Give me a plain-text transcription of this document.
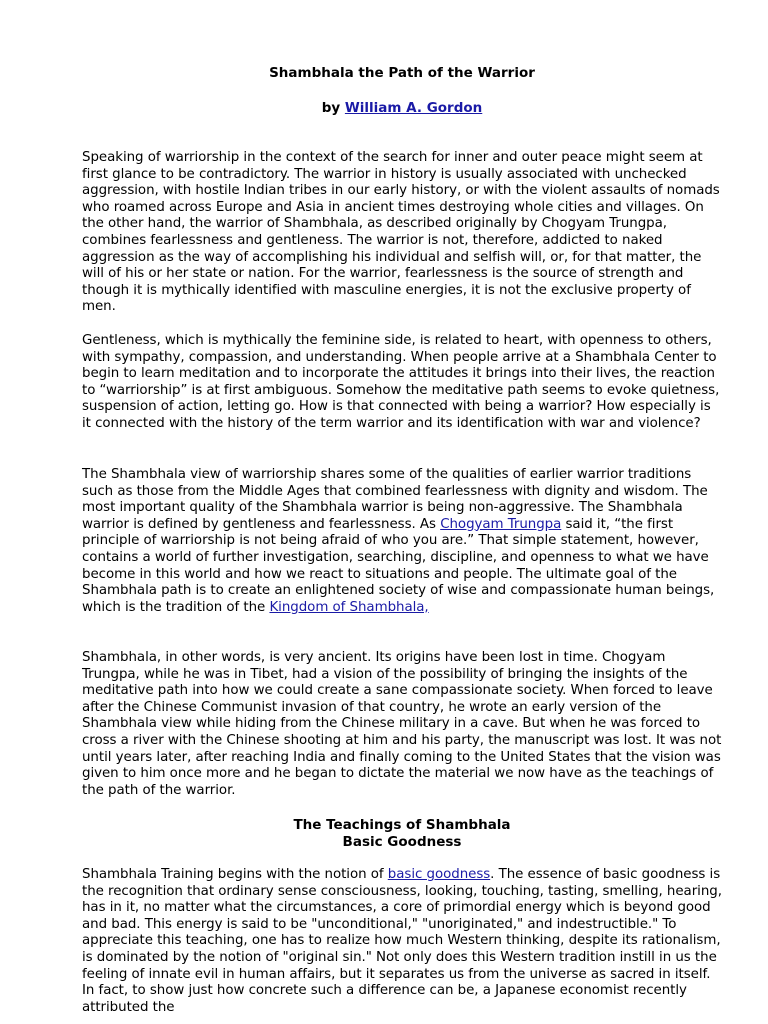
Shambhala the Path of the Warrior

by William A. Gordon

Speaking of warriorship in the context of the search for inner and outer peace might seem at first glance to be contradictory. The warrior in history is usually associated with unchecked aggression, with hostile Indian tribes in our early history, or with the violent assaults of nomads who roamed across Europe and Asia in ancient times destroying whole cities and villages. On the other hand, the warrior of Shambhala, as described originally by Chogyam Trungpa, combines fearlessness and gentleness. The warrior is not, therefore, addicted to naked aggression as the way of accomplishing his individual and selfish will, or, for that matter, the will of his or her state or nation. For the warrior, fearlessness is the source of strength and though it is mythically identified with masculine energies, it is not the exclusive property of men.

Gentleness, which is mythically the feminine side, is related to heart, with openness to others, with sympathy, compassion, and understanding. When people arrive at a Shambhala Center to begin to learn meditation and to incorporate the attitudes it brings into their lives, the reaction to “warriorship” is at first ambiguous. Somehow the meditative path seems to evoke quietness, suspension of action, letting go. How is that connected with being a warrior? How especially is it connected with the history of the term warrior and its identification with war and violence?

The Shambhala view of warriorship shares some of the qualities of earlier warrior traditions such as those from the Middle Ages that combined fearlessness with dignity and wisdom. The most important quality of the Shambhala warrior is being non-aggressive. The Shambhala warrior is defined by gentleness and fearlessness. As Chogyam Trungpa said it, “the first principle of warriorship is not being afraid of who you are.” That simple statement, however, contains a world of further investigation, searching, discipline, and openness to what we have become in this world and how we react to situations and people. The ultimate goal of the Shambhala path is to create an enlightened society of wise and compassionate human beings, which is the tradition of the Kingdom of Shambhala,

Shambhala, in other words, is very ancient. Its origins have been lost in time. Chogyam Trungpa, while he was in Tibet, had a vision of the possibility of bringing the insights of the meditative path into how we could create a sane compassionate society. When forced to leave after the Chinese Communist invasion of that country, he wrote an early version of the Shambhala view while hiding from the Chinese military in a cave. But when he was forced to cross a river with the Chinese shooting at him and his party, the manuscript was lost. It was not until years later, after reaching India and finally coming to the United States that the vision was given to him once more and he began to dictate the material we now have as the teachings of the path of the warrior.

The Teachings of Shambhala
Basic Goodness

Shambhala Training begins with the notion of basic goodness. The essence of basic goodness is the recognition that ordinary sense consciousness, looking, touching, tasting, smelling, hearing, has in it, no matter what the circumstances, a core of primordial energy which is beyond good and bad. This energy is said to be "unconditional," "unoriginated," and indestructible." To appreciate this teaching, one has to realize how much Western thinking, despite its rationalism, is dominated by the notion of "original sin." Not only does this Western tradition instill in us the feeling of innate evil in human affairs, but it separates us from the universe as sacred in itself. In fact, to show just how concrete such a difference can be, a Japanese economist recently attributed the
